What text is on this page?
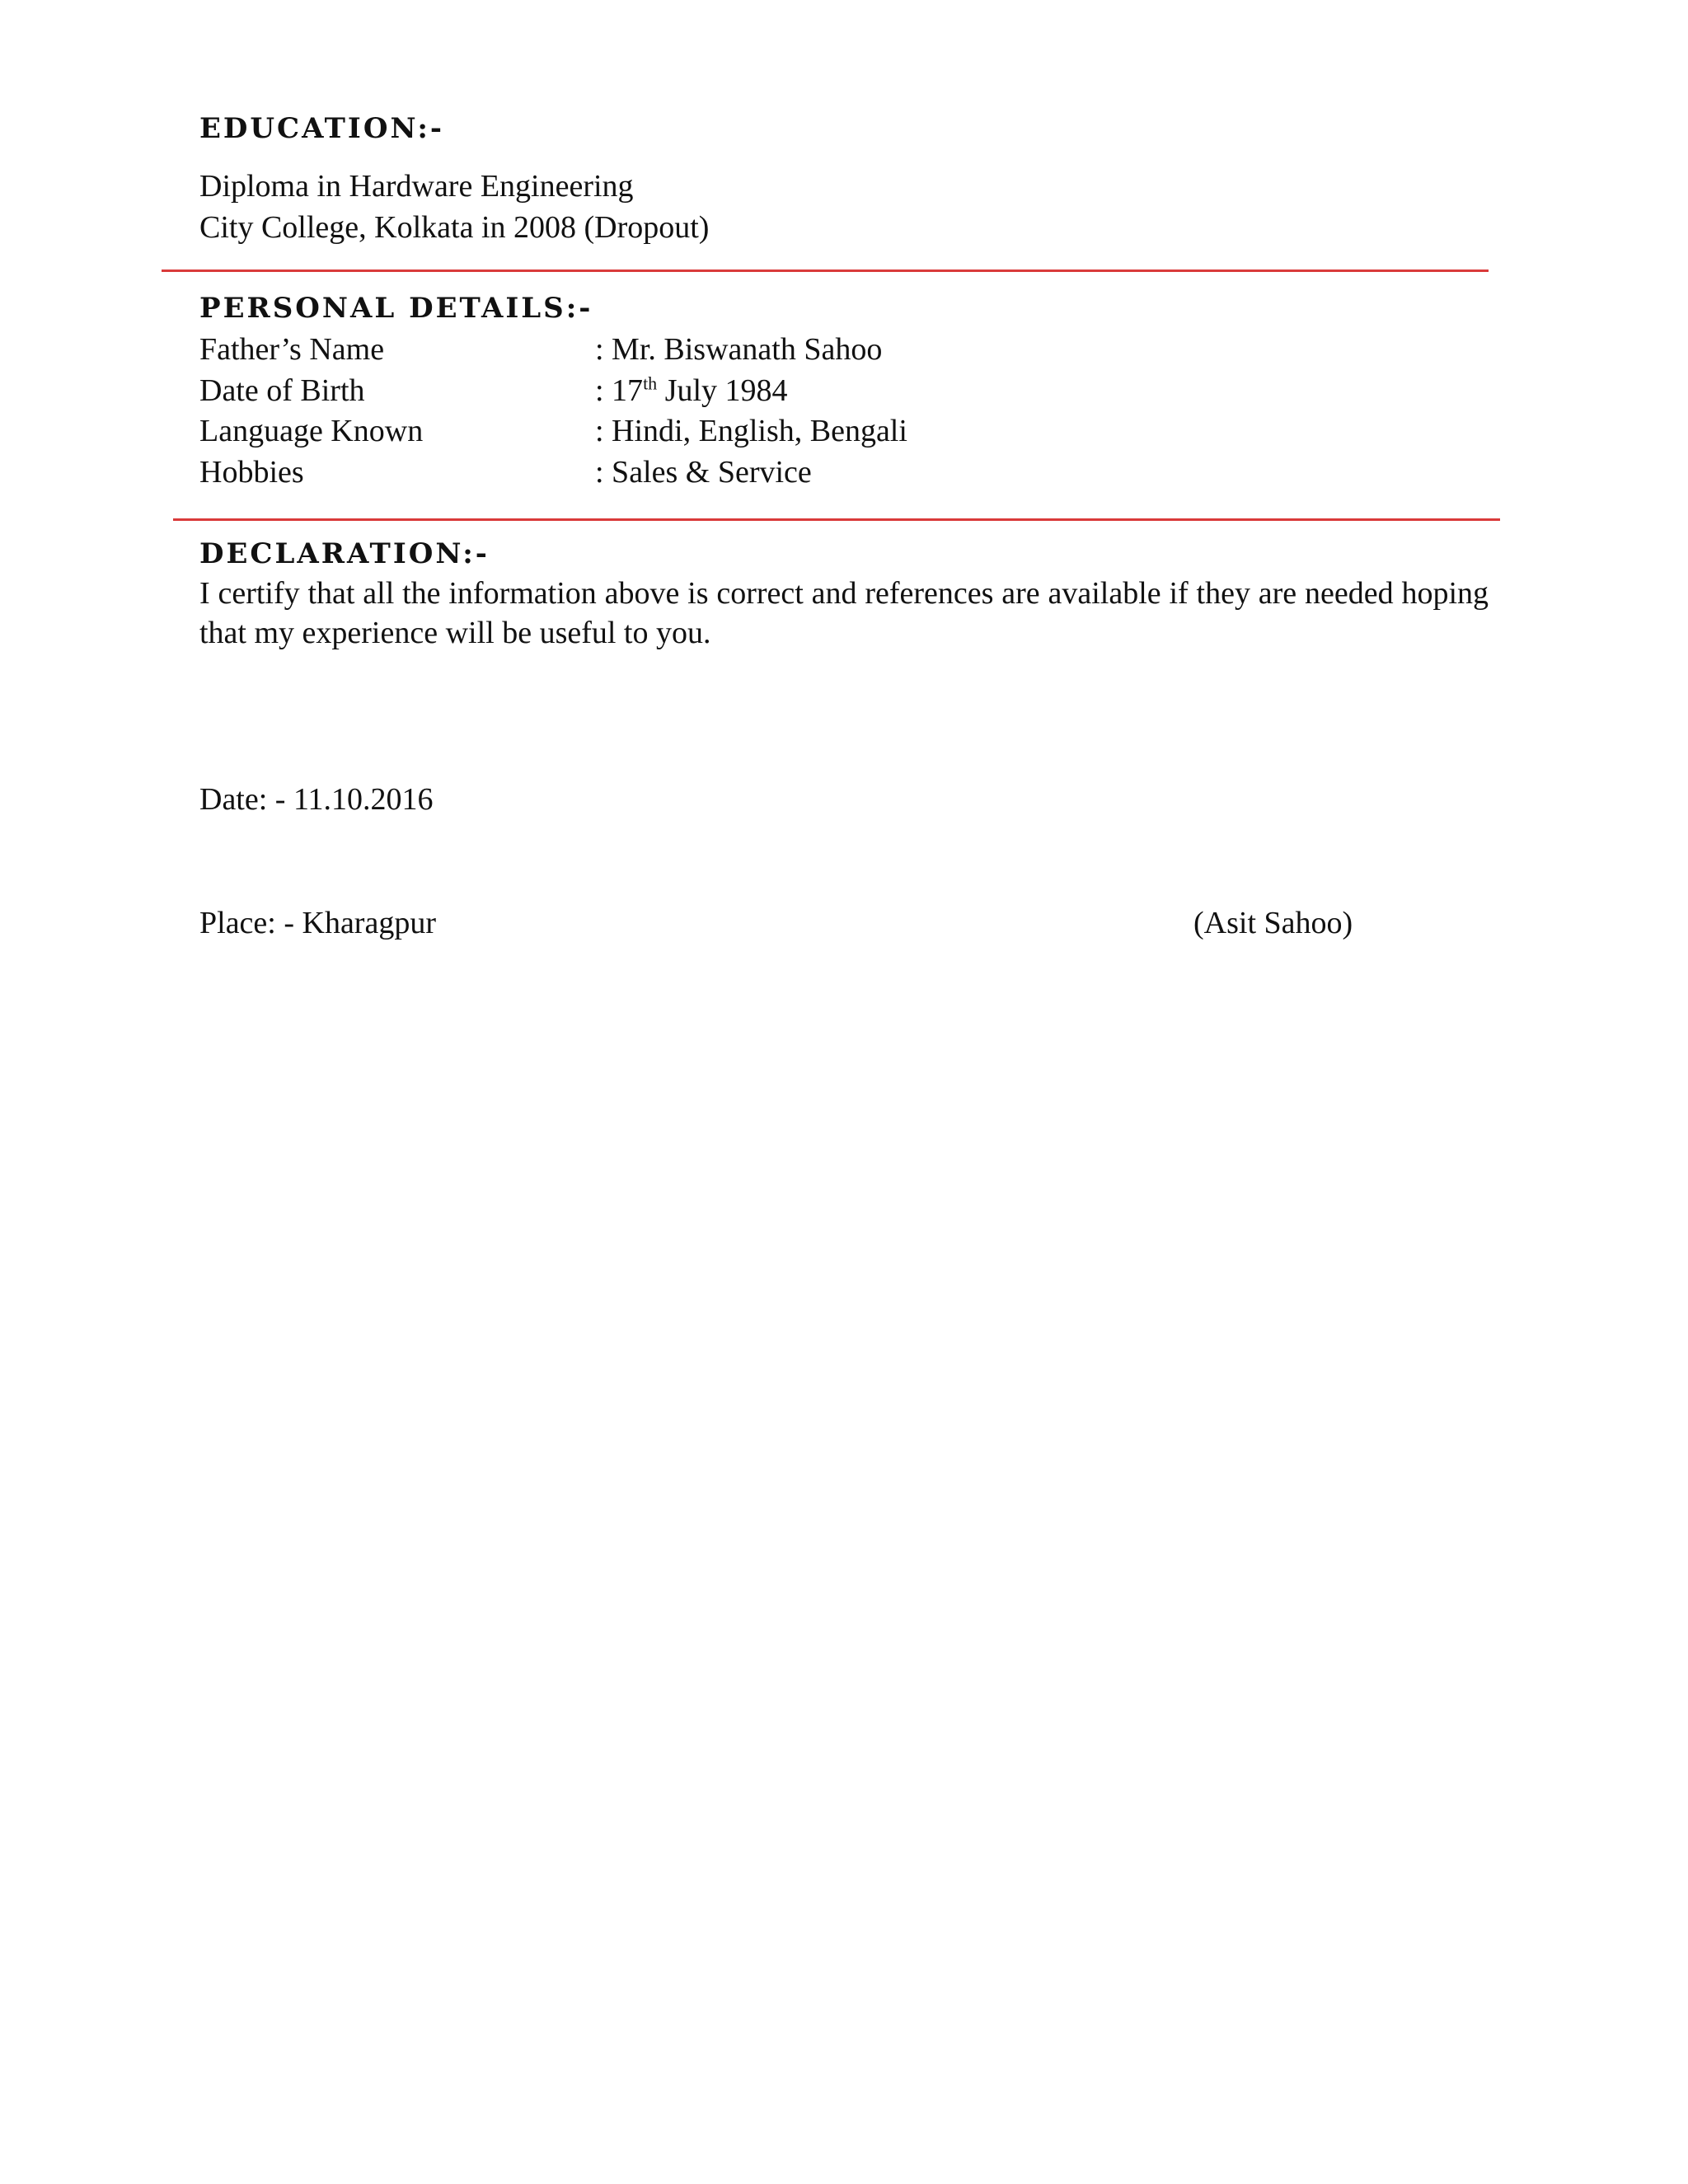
EDUCATION:-
Diploma in Hardware Engineering
City College, Kolkata in 2008 (Dropout)
PERSONAL DETAILS:-
Father’s Name	: Mr. Biswanath Sahoo
Date of Birth	: 17th July 1984
Language Known	: Hindi, English, Bengali
Hobbies	: Sales & Service
DECLARATION:-
I certify that all the information above is correct and references are available if they are needed hoping that my experience will be useful to you.
Date: - 11.10.2016
Place: - Kharagpur	(Asit Sahoo)
